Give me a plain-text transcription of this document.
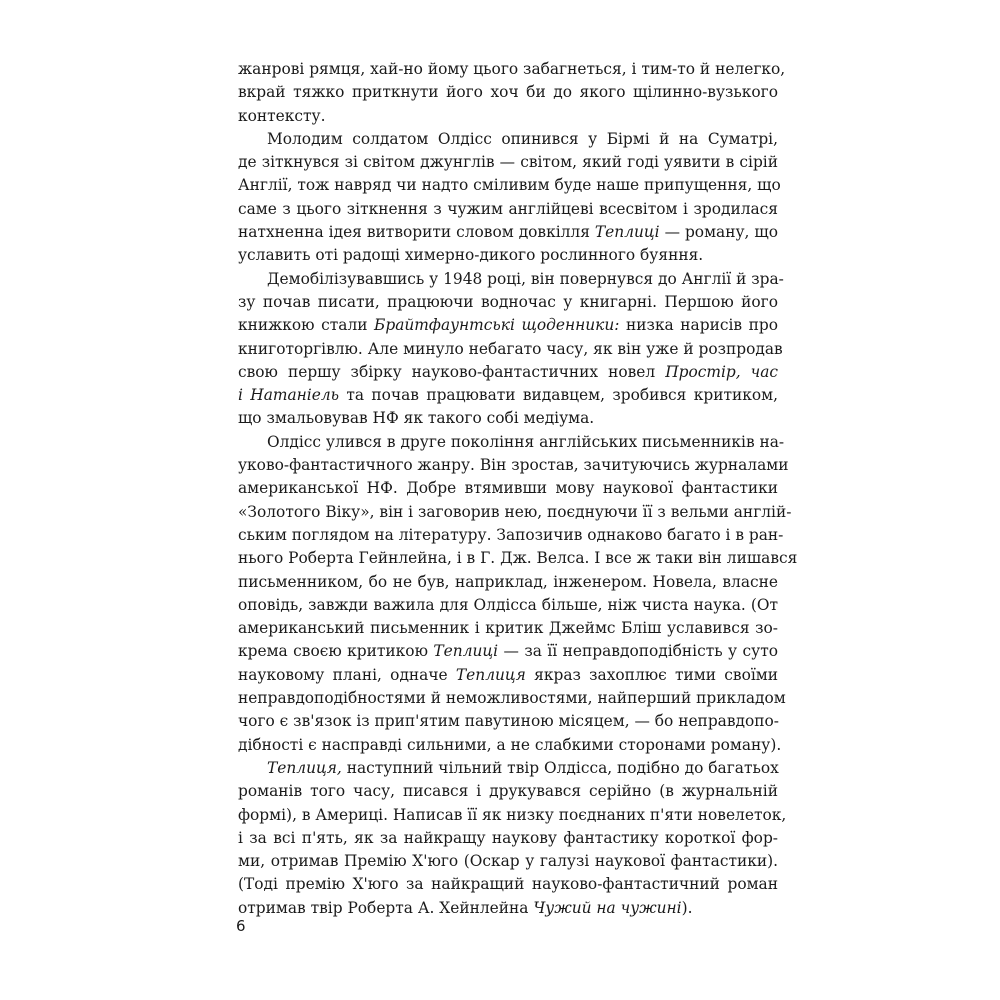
жанрові рямця, хай-но йому цього забагнеться, і тим-то й нелегко,
вкрай тяжко приткнути його хоч би до якого щілинно-вузького
контексту.
Молодим солдатом Олдісс опинився у Бірмі й на Суматрі,
де зіткнувся зі світом джунглів — світом, який годі уявити в сірій
Англії, тож навряд чи надто сміливим буде наше припущення, що
саме з цього зіткнення з чужим англійцеві всесвітом і зродилася
натхненна ідея витворити словом довкілля Теплиці — роману, що
уславить оті радощі химерно-дикого рослинного буяння.
Демобілізувавшись у 1948 році, він повернувся до Англії й зра-
зу почав писати, працюючи водночас у книгарні. Першою його
книжкою стали Брайтфаунтські щоденники: низка нарисів про
книготоргівлю. Але минуло небагато часу, як він уже й розпродав
свою першу збірку науково-фантастичних новел Простір, час
і Натаніель та почав працювати видавцем, зробився критиком,
що змальовував НФ як такого собі медіума.
Олдісс улився в друге покоління англійських письменників на-
уково-фантастичного жанру. Він зростав, зачитуючись журналами
американської НФ. Добре втямивши мову наукової фантастики
«Золотого Віку», він і заговорив нею, поєднуючи її з вельми англій-
ським поглядом на літературу. Запозичив однаково багато і в ран-
нього Роберта Гейнлейна, і в Г. Дж. Велса. І все ж таки він лишався
письменником, бо не був, наприклад, інженером. Новела, власне
оповідь, завжди важила для Олдісса більше, ніж чиста наука. (От
американський письменник і критик Джеймс Бліш уславився зо-
крема своєю критикою Теплиці — за її неправдоподібність у суто
науковому плані, одначе Теплиця якраз захоплює тими своїми
неправдоподібностями й неможливостями, найперший прикладом
чого є зв'язок із прип'ятим павутиною місяцем, — бо неправдопо-
дібності є насправді сильними, а не слабкими сторонами роману).
Теплиця, наступний чільний твір Олдісса, подібно до багатьох
романів того часу, писався і друкувався серійно (в журнальній
формі), в Америці. Написав її як низку поєднаних п'яти новелеток,
і за всі п'ять, як за найкращу наукову фантастику короткої фор-
ми, отримав Премію Х'юго (Оскар у галузі наукової фантастики).
(Тоді премію Х'юго за найкращий науково-фантастичний роман
отримав твір Роберта А. Хейнлейна Чужий на чужині).
6
